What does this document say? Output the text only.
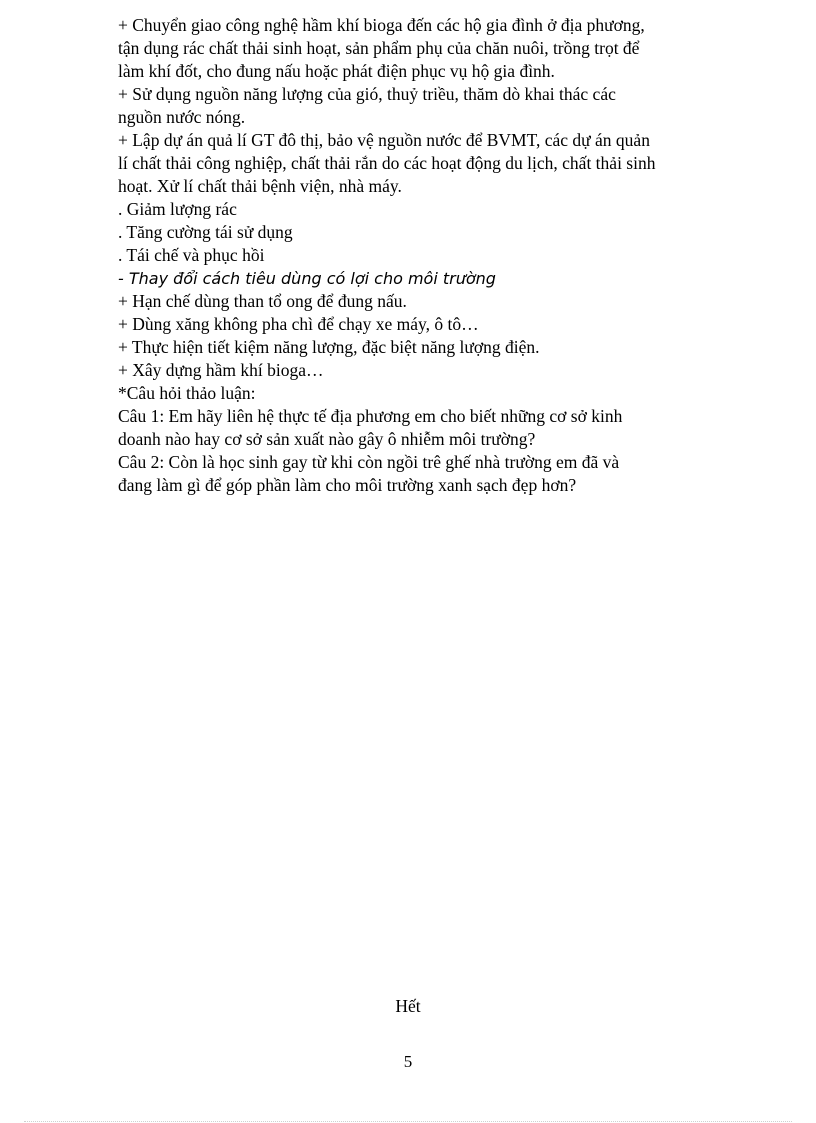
+ Chuyển giao công nghệ hầm khí bioga đến các hộ gia đình ở địa phương,
tận dụng rác chất thải sinh hoạt, sản phẩm phụ của chăn nuôi, trồng trọt để
làm khí đốt, cho đung nấu hoặc phát điện phục vụ hộ gia đình.
+ Sử dụng nguồn năng lượng của gió, thuỷ triều, thăm dò khai thác các
nguồn nước nóng.
+ Lập dự án quả lí GT đô thị, bảo vệ nguồn nước để BVMT, các dự án quản
lí chất thải công nghiệp, chất thải rắn do các hoạt động du lịch, chất thải sinh
hoạt. Xử lí chất thải bệnh viện, nhà máy.
. Giảm lượng rác
. Tăng cường tái sử dụng
. Tái chế và phục hồi
- Thay đổi cách tiêu dùng có lợi cho môi trường
+ Hạn chế dùng than tổ ong để đung nấu.
+ Dùng xăng không pha chì để chạy xe máy, ô tô…
+ Thực hiện tiết kiệm năng lượng, đặc biệt năng lượng điện.
+ Xây dựng hầm khí bioga…
*Câu hỏi thảo luận:
Câu 1: Em hãy liên hệ thực tế địa phương em cho biết những cơ sở kinh
doanh nào hay cơ sở sản xuất nào gây ô nhiễm môi trường?
Câu 2: Còn là học sinh gay từ khi còn ngồi trê ghế nhà trường em đã và
đang làm gì để góp phần làm cho môi trường xanh sạch đẹp hơn?
Hết
5
